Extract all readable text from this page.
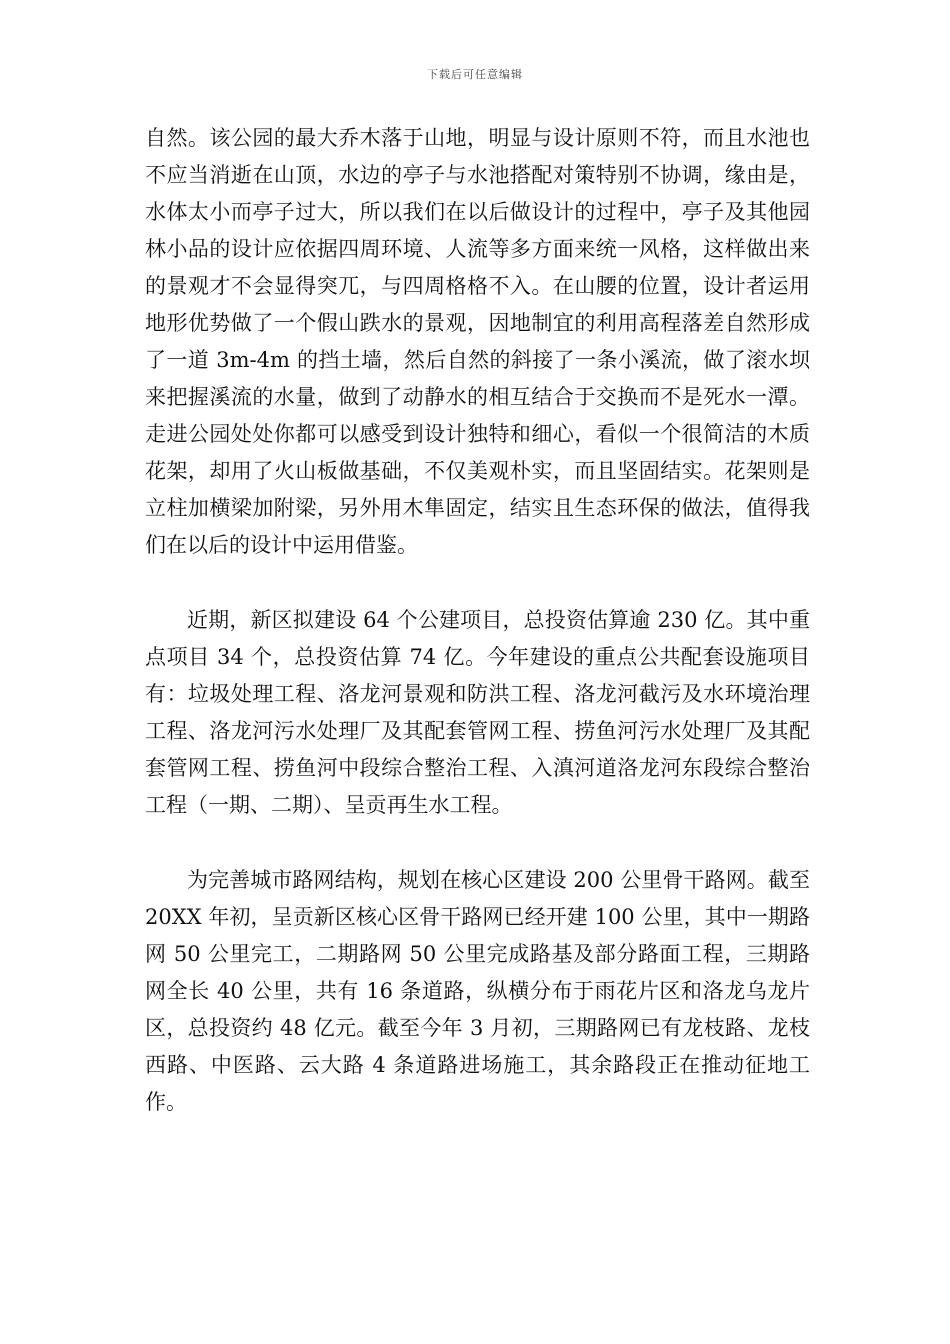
下载后可任意编辑

自然。该公园的最大乔木落于山地，明显与设计原则不符，而且水池也不应当消逝在山顶，水边的亭子与水池搭配对策特别不协调，缘由是，水体太小而亭子过大，所以我们在以后做设计的过程中，亭子及其他园林小品的设计应依据四周环境、人流等多方面来统一风格，这样做出来的景观才不会显得突兀，与四周格格不入。在山腰的位置，设计者运用地形优势做了一个假山跌水的景观，因地制宜的利用高程落差自然形成了一道 3m-4m 的挡土墙，然后自然的斜接了一条小溪流，做了滚水坝来把握溪流的水量，做到了动静水的相互结合于交换而不是死水一潭。走进公园处处你都可以感受到设计独特和细心，看似一个很简洁的木质花架，却用了火山板做基础，不仅美观朴实，而且坚固结实。花架则是立柱加横梁加附梁，另外用木隼固定，结实且生态环保的做法，值得我们在以后的设计中运用借鉴。

近期，新区拟建设 64 个公建项目，总投资估算逾 230 亿。其中重点项目 34 个，总投资估算 74 亿。今年建设的重点公共配套设施项目有：垃圾处理工程、洛龙河景观和防洪工程、洛龙河截污及水环境治理工程、洛龙河污水处理厂及其配套管网工程、捞鱼河污水处理厂及其配套管网工程、捞鱼河中段综合整治工程、入滇河道洛龙河东段综合整治工程（一期、二期）、呈贡再生水工程。

为完善城市路网结构，规划在核心区建设 200 公里骨干路网。截至 20XX 年初，呈贡新区核心区骨干路网已经开建 100 公里，其中一期路网 50 公里完工，二期路网 50 公里完成路基及部分路面工程，三期路网全长 40 公里，共有 16 条道路，纵横分布于雨花片区和洛龙乌龙片区，总投资约 48 亿元。截至今年 3 月初，三期路网已有龙枝路、龙枝西路、中医路、云大路 4 条道路进场施工，其余路段正在推动征地工作。
